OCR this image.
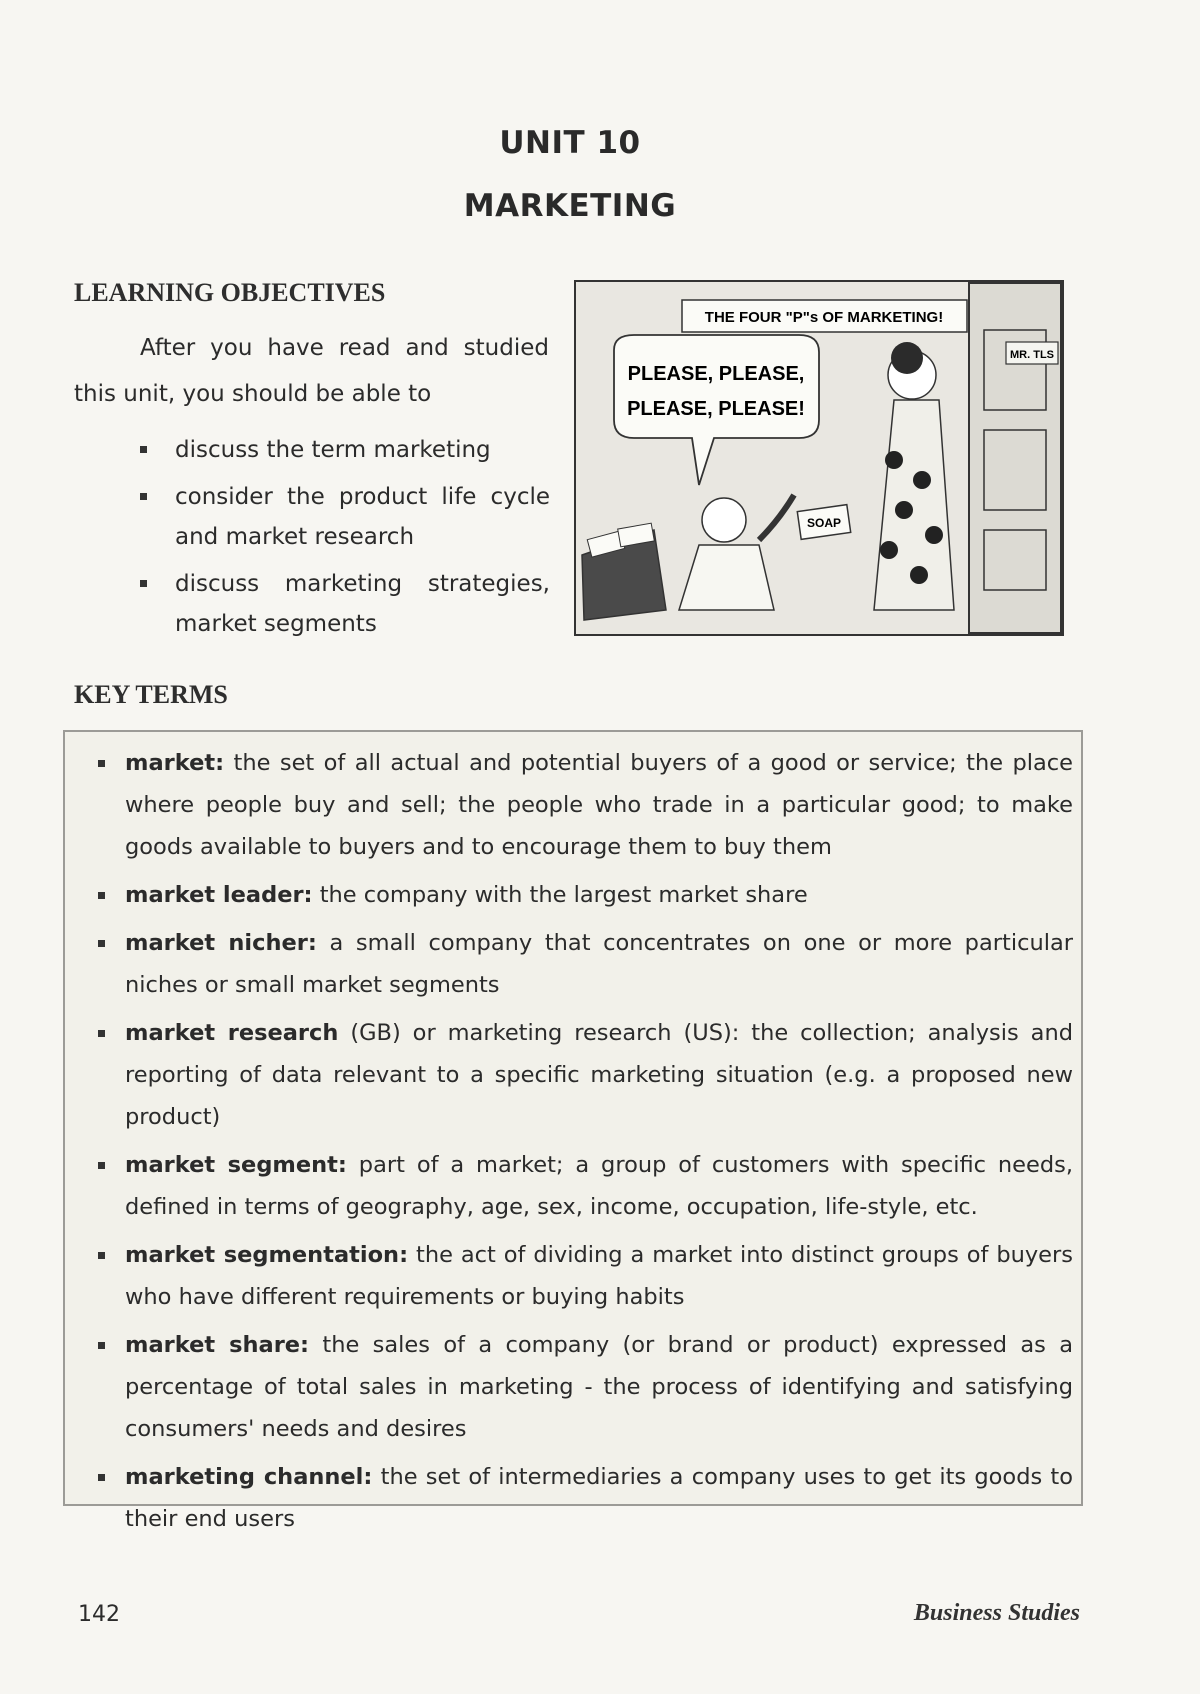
UNIT 10
MARKETING
LEARNING OBJECTIVES
After you have read and studied this unit, you should be able to
discuss the term marketing
consider the product life cycle and market research
discuss marketing strategies, market segments
MR. TLS
THE FOUR "P"s OF MARKETING!
PLEASE, PLEASE,
PLEASE, PLEASE!
SOAP
KEY TERMS
market: the set of all actual and potential buyers of a good or service; the place where people buy and sell; the people who trade in a particular good; to make goods available to buyers and to encourage them to buy them
market leader: the company with the largest market share
market nicher: a small company that concentrates on one or more particular niches or small market segments
market research (GB) or marketing research (US): the collection; analysis and reporting of data relevant to a specific marketing situation (e.g. a proposed new product)
market segment: part of a market; a group of customers with specific needs, defined in terms of geography, age, sex, income, occupation, life-style, etc.
market segmentation: the act of dividing a market into distinct groups of buyers who have different requirements or buying habits
market share: the sales of a company (or brand or product) expressed as a percentage of total sales in marketing - the process of identifying and satisfying consumers' needs and desires
marketing channel: the set of intermediaries a company uses to get its goods to their end users
142	Business Studies
